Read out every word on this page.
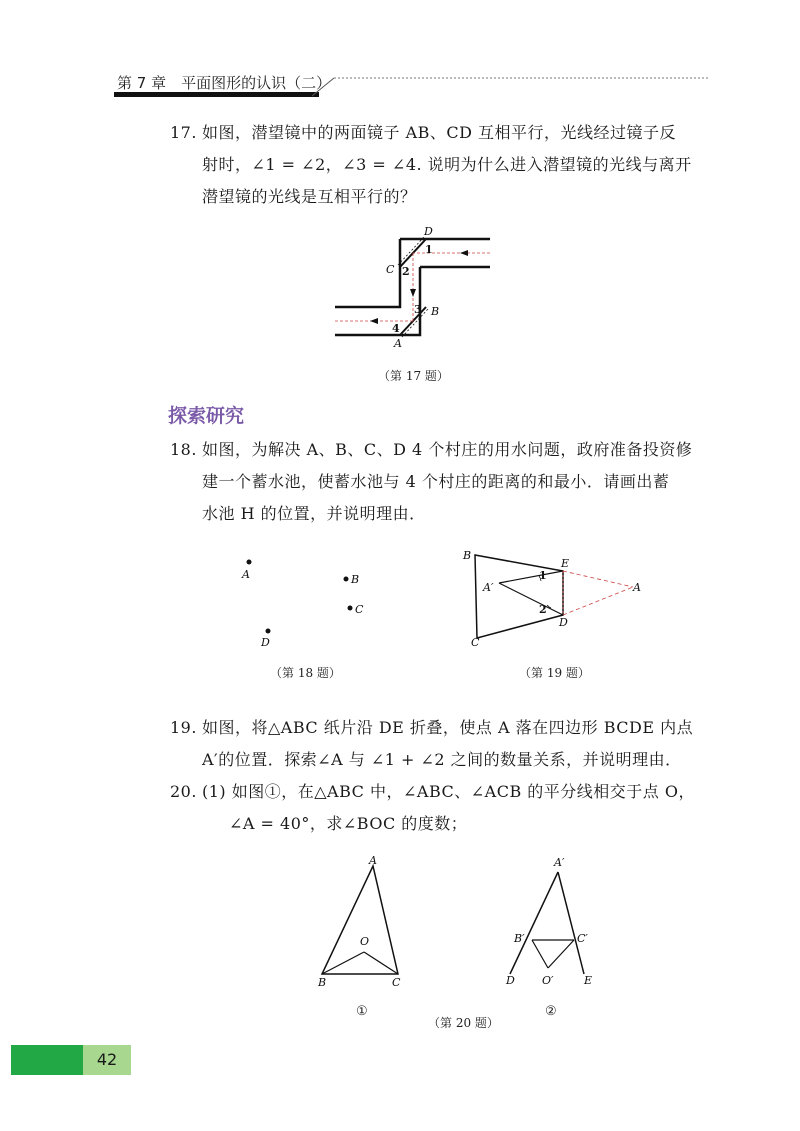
第 7 章　平面图形的认识（二）
17. 如图，潜望镜中的两面镜子 AB、CD 互相平行，光线经过镜子反
射时，∠1 = ∠2，∠3 = ∠4. 说明为什么进入潜望镜的光线与离开
潜望镜的光线是互相平行的？
D
C
B
A
1
2
3
4
（第 17 题）
探索研究
18. 如图，为解决 A、B、C、D 4 个村庄的用水问题，政府准备投资修
建一个蓄水池，使蓄水池与 4 个村庄的距离的和最小．请画出蓄
水池 H 的位置，并说明理由．
A	B
C
D
（第 18 题）
B
E
A′	A
1
2
D
C
（第 19 题）
19. 如图，将△ABC 纸片沿 DE 折叠，使点 A 落在四边形 BCDE 内点
A′的位置．探索∠A 与 ∠1 + ∠2 之间的数量关系，并说明理由．
20. (1) 如图①，在△ABC 中，∠ABC、∠ACB 的平分线相交于点 O，
∠A = 40°，求∠BOC 的度数；
A
O
B	C
①
A′
B′	C′
D O′	E
②
（第 20 题）
42
